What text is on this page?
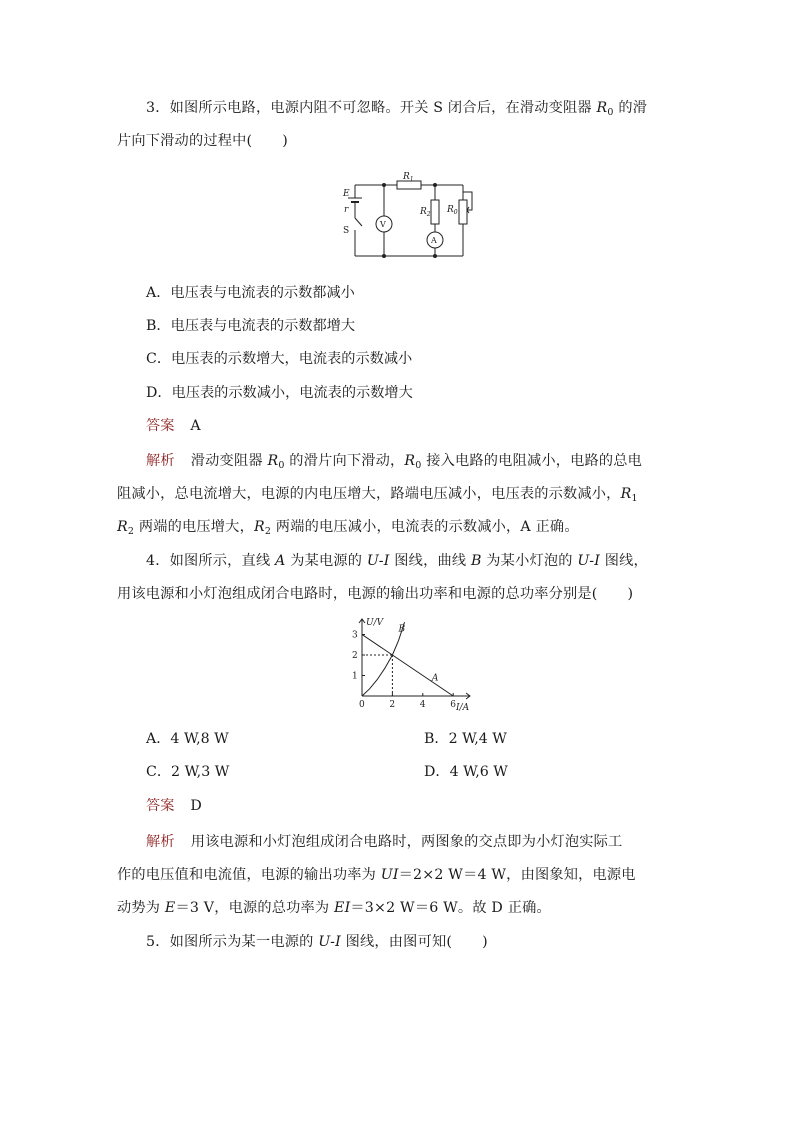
3．如图所示电路，电源内阻不可忽略。开关 S 闭合后，在滑动变阻器 $R_0$ 的滑
片向下滑动的过程中( )
E
r
S
V
A
$R_1$
$R_2$ $R_0$
A．电压表与电流表的示数都减小
B．电压表与电流表的示数都增大
C．电压表的示数增大，电流表的示数减小
D．电压表的示数减小，电流表的示数增大
答案 A
解析 滑动变阻器 $R_0$ 的滑片向下滑动，$R_0$ 接入电路的电阻减小，电路的总电
阻减小，总电流增大，电源的内电压增大，路端电压减小，电压表的示数减小，$R_1$
$R_2$ 两端的电压增大，$R_2$ 两端的电压减小，电流表的示数减小，A 正确。
4．如图所示，直线 A 为某电源的 U-I 图线，曲线 B 为某小灯泡的 U-I 图线，
用该电源和小灯泡组成闭合电路时，电源的输出功率和电源的总功率分别是( )
0	2	4	6
1
2
3
A
B
U/V
I/A
A．4 W,8 W	B．2 W,4 W
C．2 W,3 W	D．4 W,6 W
答案 D
解析 用该电源和小灯泡组成闭合电路时，两图象的交点即为小灯泡实际工
作的电压值和电流值，电源的输出功率为 UI＝2×2 W＝4 W，由图象知，电源电
动势为 E＝3 V，电源的总功率为 EI＝3×2 W＝6 W。故 D 正确。
5．如图所示为某一电源的 U-I 图线，由图可知( )
